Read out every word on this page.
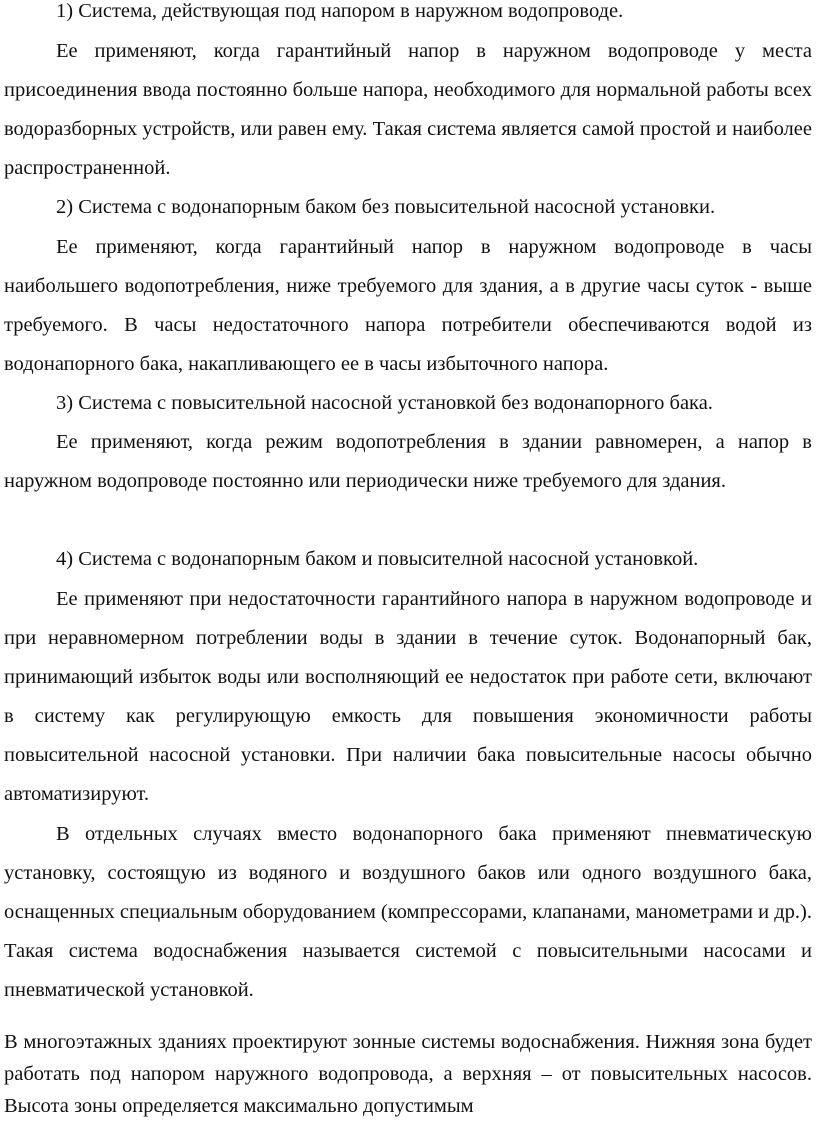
1) Система, действующая под напором в наружном водопроводе.

Ее применяют, когда гарантийный напор в наружном водопроводе у места присоединения ввода постоянно больше напора, необходимого для нормальной работы всех водоразборных устройств, или равен ему. Такая система является самой простой и наиболее распространенной.

2) Система с водонапорным баком без повысительной насосной установки.

Ее применяют, когда гарантийный напор в наружном водопроводе в часы наибольшего водопотребления, ниже требуемого для здания, а в другие часы суток - выше требуемого. В часы недостаточного напора потребители обеспечиваются водой из водонапорного бака, накапливающего ее в часы избыточного напора.

3) Система с повысительной насосной установкой без водонапорного бака.

Ее применяют, когда режим водопотребления в здании равномерен, а напор в наружном водопроводе постоянно или периодически ниже требуемого для здания.

4) Система с водонапорным баком и повыситeлной насосной установкой.

Ее применяют при недостаточности гарантийного напора в наружном водопроводе и при неравномерном потреблении воды в здании в течение суток. Водонапорный бак, принимающий избыток воды или восполняющий ее недостаток при работе сети, включают в систему как регулирующую емкость для повышения экономичности работы повысительной насосной установки. При наличии бака повысительные насосы обычно автоматизируют.

В отдельных случаях вместо водонапорного бака применяют пневматическую установку, состоящую из водяного и воздушного баков или одного воздушного бака, оснащенных специальным оборудованием (компрессорами, клапанами, манометрами и др.). Такая система водоснабжения называется системой с повысительными насосами и пневматической установкой.

В многоэтажных зданиях проектируют зонные системы водоснабжения. Нижняя зона будет работать под напором наружного водопровода, а верхняя – от повысительных насосов. Высота зоны определяется максимально допустимым
